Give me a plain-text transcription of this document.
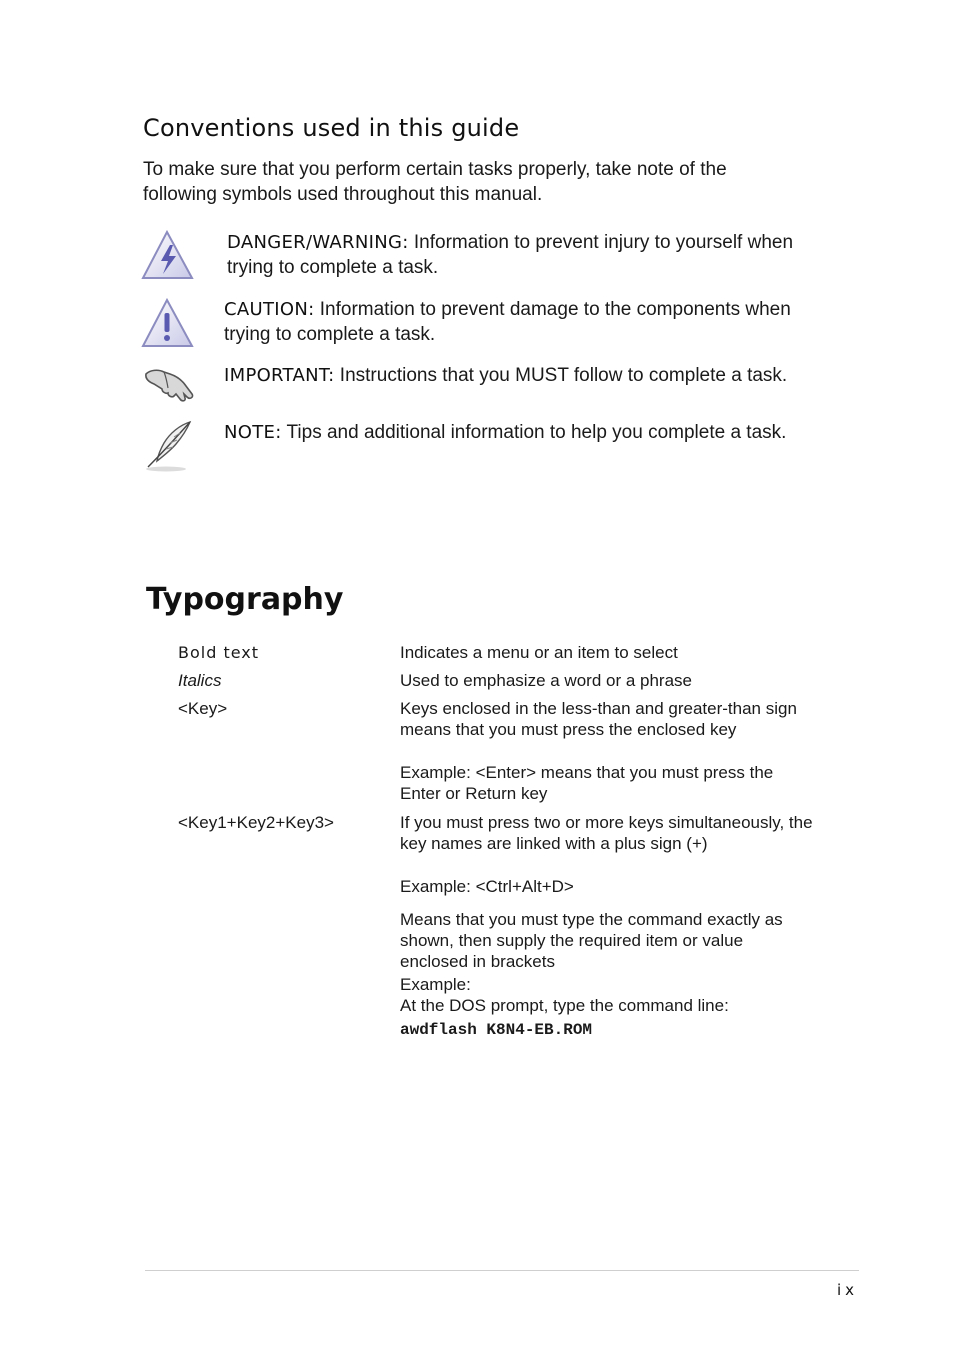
Conventions used in this guide
To make sure that you perform certain tasks properly, take note of the following symbols used throughout this manual.
DANGER/WARNING: Information to prevent injury to yourself when trying to complete a task.
CAUTION: Information to prevent damage to the components when trying to complete a task.
IMPORTANT: Instructions that you MUST follow to complete a task.
NOTE: Tips and additional information to help you complete a task.
Typography
Bold text	Indicates a menu or an item to select
Italics	Used to emphasize a word or a phrase
<Key>	Keys enclosed in the less-than and greater-than sign means that you must press the enclosed key
Example: <Enter> means that you must press the Enter or Return key
<Key1+Key2+Key3>	If you must press two or more keys simultaneously, the key names are linked with a plus sign (+)
Example: <Ctrl+Alt+D>
Means that you must type the command exactly as shown, then supply the required item or value enclosed in brackets
Example:
At the DOS prompt, type the command line:
awdflash K8N4-EB.ROM
ix
